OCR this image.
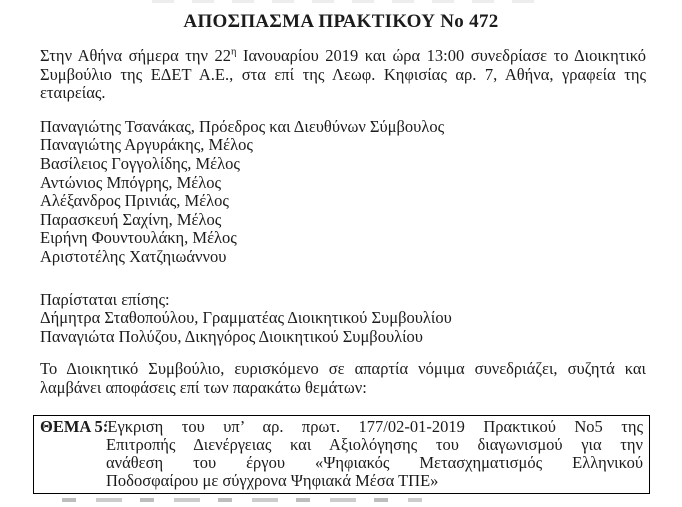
ΑΠΟΣΠΑΣΜΑ ΠΡΑΚΤΙΚΟΥ Νο 472
Στην Αθήνα σήμερα την $22^\eta$ Ιανουαρίου 2019 και ώρα 13:00 συνεδρίασε το Διοικητικό
Συμβούλιο της ΕΔΕΤ Α.Ε., στα επί της Λεωφ. Κηφισίας αρ. 7, Αθήνα, γραφεία της
εταιρείας.
Παναγιώτης Τσανάκας, Πρόεδρος και Διευθύνων Σύμβουλος
Παναγιώτης Αργυράκης, Μέλος
Βασίλειος Γογγολίδης, Μέλος
Αντώνιος Μπόγρης, Μέλος
Αλέξανδρος Πρινιάς, Μέλος
Παρασκευή Σαχίνη, Μέλος
Ειρήνη Φουντουλάκη, Μέλος
Αριστοτέλης Χατζηιωάννου
Παρίσταται επίσης:
Δήμητρα Σταθοπούλου, Γραμματέας Διοικητικού Συμβουλίου
Παναγιώτα Πολύζου, Δικηγόρος Διοικητικού Συμβουλίου
Το Διοικητικό Συμβούλιο, ευρισκόμενο σε απαρτία νόμιμα συνεδριάζει, συζητά και
λαμβάνει αποφάσεις επί των παρακάτω θεμάτων:
ΘΕΜΑ 5:
Έγκριση του υπ’ αρ. πρωτ. 177/02-01-2019 Πρακτικού Νο5 της
Επιτροπής Διενέργειας και Αξιολόγησης του διαγωνισμού για την
ανάθεση του έργου «Ψηφιακός Μετασχηματισμός Ελληνικού
Ποδοσφαίρου με σύγχρονα Ψηφιακά Μέσα ΤΠΕ»
